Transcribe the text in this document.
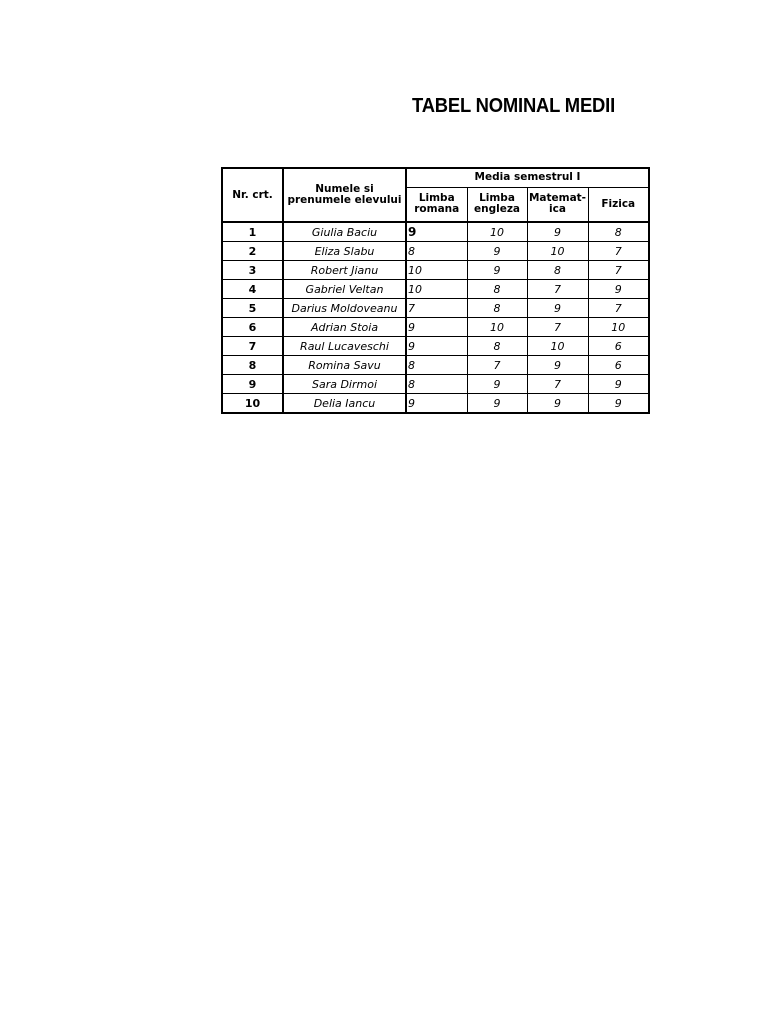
TABEL NOMINAL MEDII
Nr. crt.	Numele si prenumele elevului	Media semestrul I			
		Limba romana	Limba engleza	Matemat-ica	Fizica
1	Giulia Baciu	9	10	9	8
2	Eliza Slabu	8	9	10	7
3	Robert Jianu	10	9	8	7
4	Gabriel Veltan	10	8	7	9
5	Darius Moldoveanu	7	8	9	7
6	Adrian Stoia	9	10	7	10
7	Raul Lucaveschi	9	8	10	6
8	Romina Savu	8	7	9	6
9	Sara Dirmoi	8	9	7	9
10	Delia Iancu	9	9	9	9
